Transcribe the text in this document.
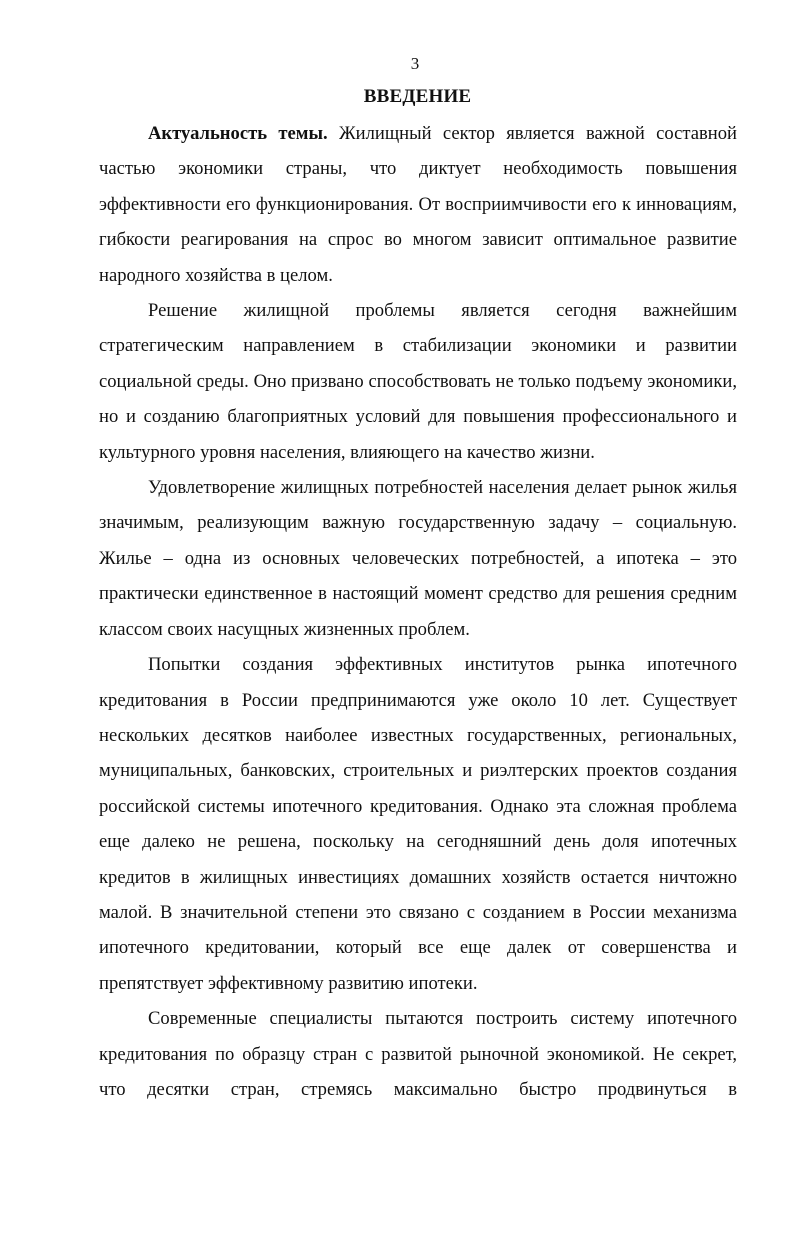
3
ВВЕДЕНИЕ

Актуальность темы. Жилищный сектор является важной составной частью экономики страны, что диктует необходимость повышения эффективности его функционирования. От восприимчивости его к инновациям, гибкости реагирования на спрос во многом зависит оптимальное развитие народного хозяйства в целом.

Решение жилищной проблемы является сегодня важнейшим стратегическим направлением в стабилизации экономики и развитии социальной среды. Оно призвано способствовать не только подъему экономики, но и созданию благоприятных условий для повышения профессионального и культурного уровня населения, влияющего на качество жизни.

Удовлетворение жилищных потребностей населения делает рынок жилья значимым, реализующим важную государственную задачу – социальную. Жилье – одна из основных человеческих потребностей, а ипотека – это практически единственное в настоящий момент средство для решения средним классом своих насущных жизненных проблем.

Попытки создания эффективных институтов рынка ипотечного кредитования в России предпринимаются уже около 10 лет. Существует нескольких десятков наиболее известных государственных, региональных, муниципальных, банковских, строительных и риэлтерских проектов создания российской системы ипотечного кредитования. Однако эта сложная проблема еще далеко не решена, поскольку на сегодняшний день доля ипотечных кредитов в жилищных инвестициях домашних хозяйств остается ничтожно малой. В значительной степени это связано с созданием в России механизма ипотечного кредитовании, который все еще далек от совершенства и препятствует эффективному развитию ипотеки.

Современные специалисты пытаются построить систему ипотечного кредитования по образцу стран с развитой рыночной экономикой. Не секрет, что десятки стран, стремясь максимально быстро продвинуться в
